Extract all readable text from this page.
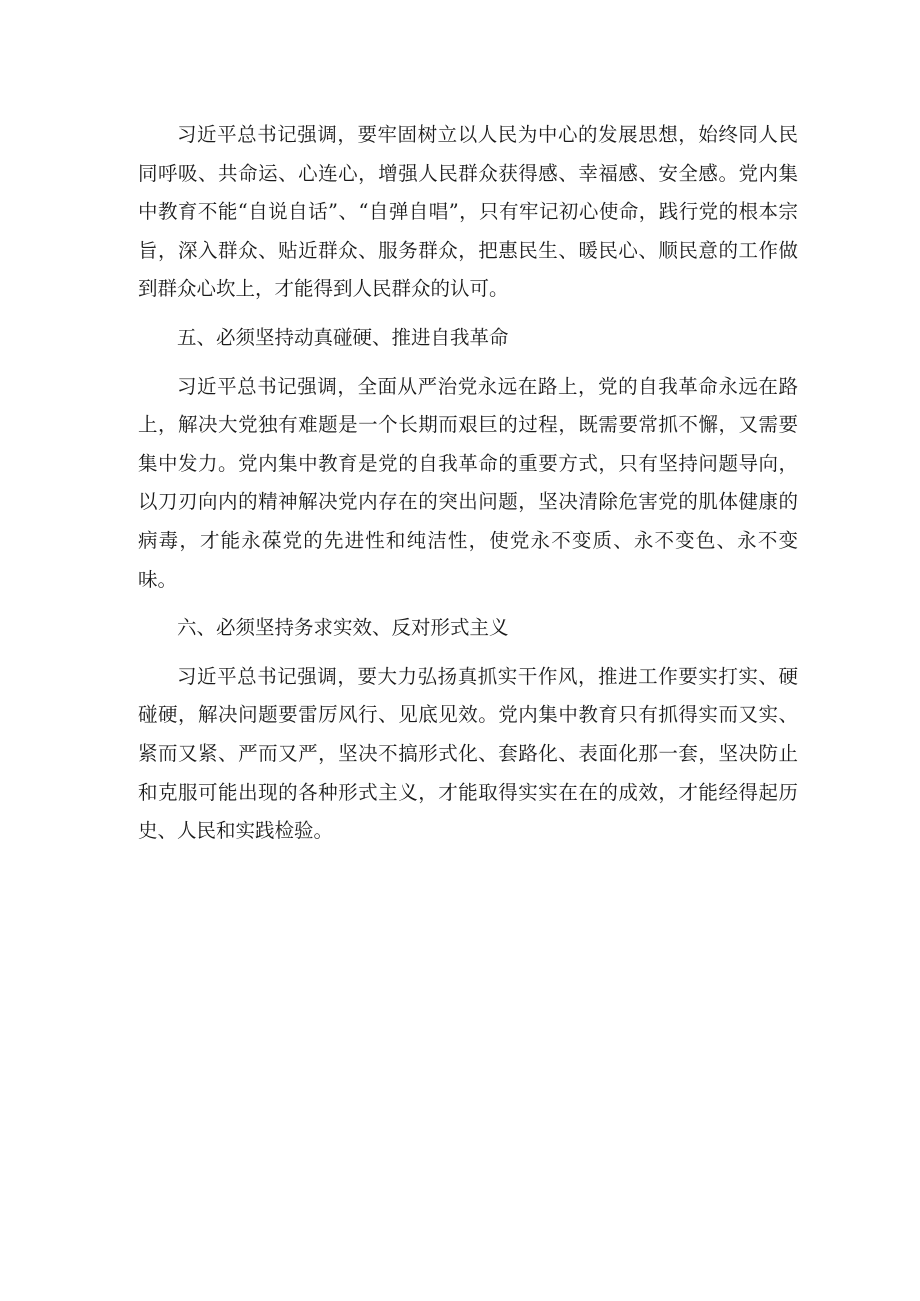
习近平总书记强调，要牢固树立以人民为中心的发展思想，始终同人民同呼吸、共命运、心连心，增强人民群众获得感、幸福感、安全感。党内集中教育不能“自说自话”、“自弹自唱”，只有牢记初心使命，践行党的根本宗旨，深入群众、贴近群众、服务群众，把惠民生、暖民心、顺民意的工作做到群众心坎上，才能得到人民群众的认可。

五、必须坚持动真碰硬、推进自我革命

习近平总书记强调，全面从严治党永远在路上，党的自我革命永远在路上，解决大党独有难题是一个长期而艰巨的过程，既需要常抓不懈，又需要集中发力。党内集中教育是党的自我革命的重要方式，只有坚持问题导向，以刀刃向内的精神解决党内存在的突出问题，坚决清除危害党的肌体健康的病毒，才能永葆党的先进性和纯洁性，使党永不变质、永不变色、永不变味。

六、必须坚持务求实效、反对形式主义

习近平总书记强调，要大力弘扬真抓实干作风，推进工作要实打实、硬碰硬，解决问题要雷厉风行、见底见效。党内集中教育只有抓得实而又实、紧而又紧、严而又严，坚决不搞形式化、套路化、表面化那一套，坚决防止和克服可能出现的各种形式主义，才能取得实实在在的成效，才能经得起历史、人民和实践检验。
